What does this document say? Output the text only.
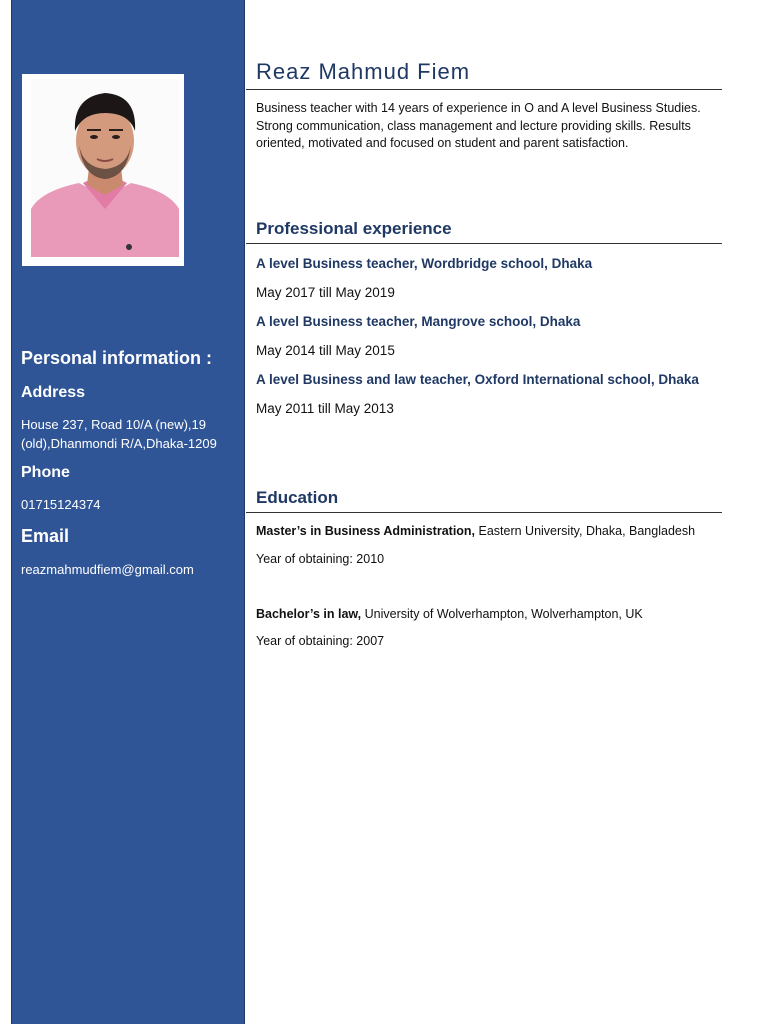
Personal information :
Address
House 237, Road 10/A (new),19 (old),Dhanmondi R/A,Dhaka-1209
Phone
01715124374
Email
reazmahmudfiem@gmail.com
Reaz Mahmud Fiem
Business teacher with 14 years of experience in O and A level Business Studies. Strong communication, class management and lecture providing skills. Results oriented, motivated and focused on student and parent satisfaction.
Professional experience
A level Business teacher, Wordbridge school, Dhaka
May 2017 till May 2019
A level Business teacher, Mangrove school, Dhaka
May 2014 till May 2015
A level Business and law teacher, Oxford International school, Dhaka
May 2011 till May 2013
Education
Master’s in Business Administration, Eastern University, Dhaka, Bangladesh
Year of obtaining: 2010
Bachelor’s in law, University of Wolverhampton, Wolverhampton, UK
Year of obtaining: 2007
